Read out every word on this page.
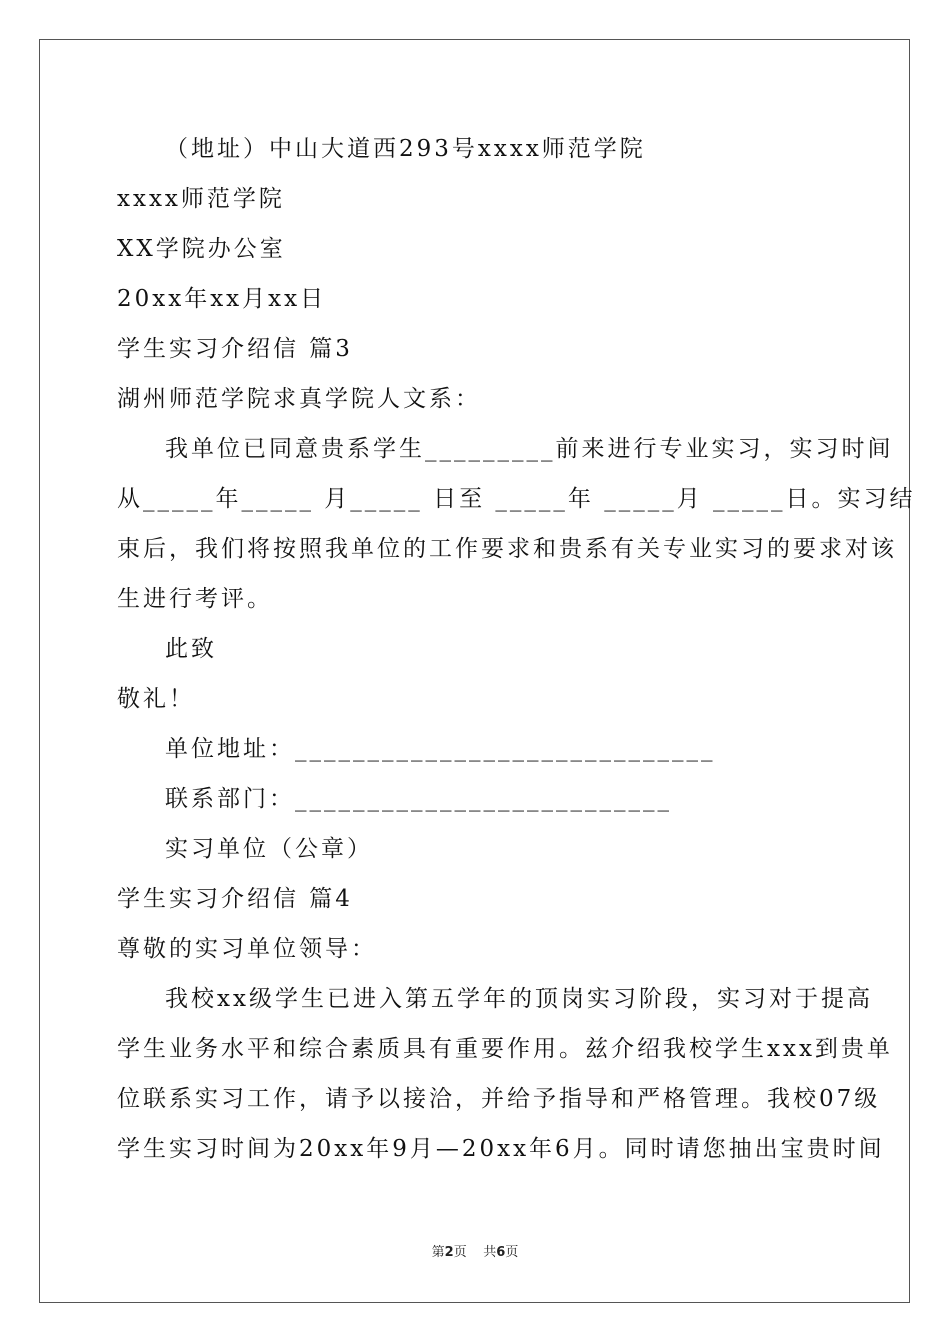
（地址）中山大道西293号xxxx师范学院
xxxx师范学院
XX学院办公室
20xx年xx月xx日
学生实习介绍信 篇3
湖州师范学院求真学院人文系：
我单位已同意贵系学生_________前来进行专业实习，实习时间
从_____年_____ 月_____ 日至 _____年 _____月 _____日。实习结
束后，我们将按照我单位的工作要求和贵系有关专业实习的要求对该
生进行考评。
此致
敬礼！
单位地址：_____________________________
联系部门：__________________________
实习单位（公章）
学生实习介绍信 篇4
尊敬的实习单位领导：
我校xx级学生已进入第五学年的顶岗实习阶段，实习对于提高
学生业务水平和综合素质具有重要作用。兹介绍我校学生xxx到贵单
位联系实习工作，请予以接洽，并给予指导和严格管理。我校07级
学生实习时间为20xx年9月—20xx年6月。同时请您抽出宝贵时间
第2页 共6页
